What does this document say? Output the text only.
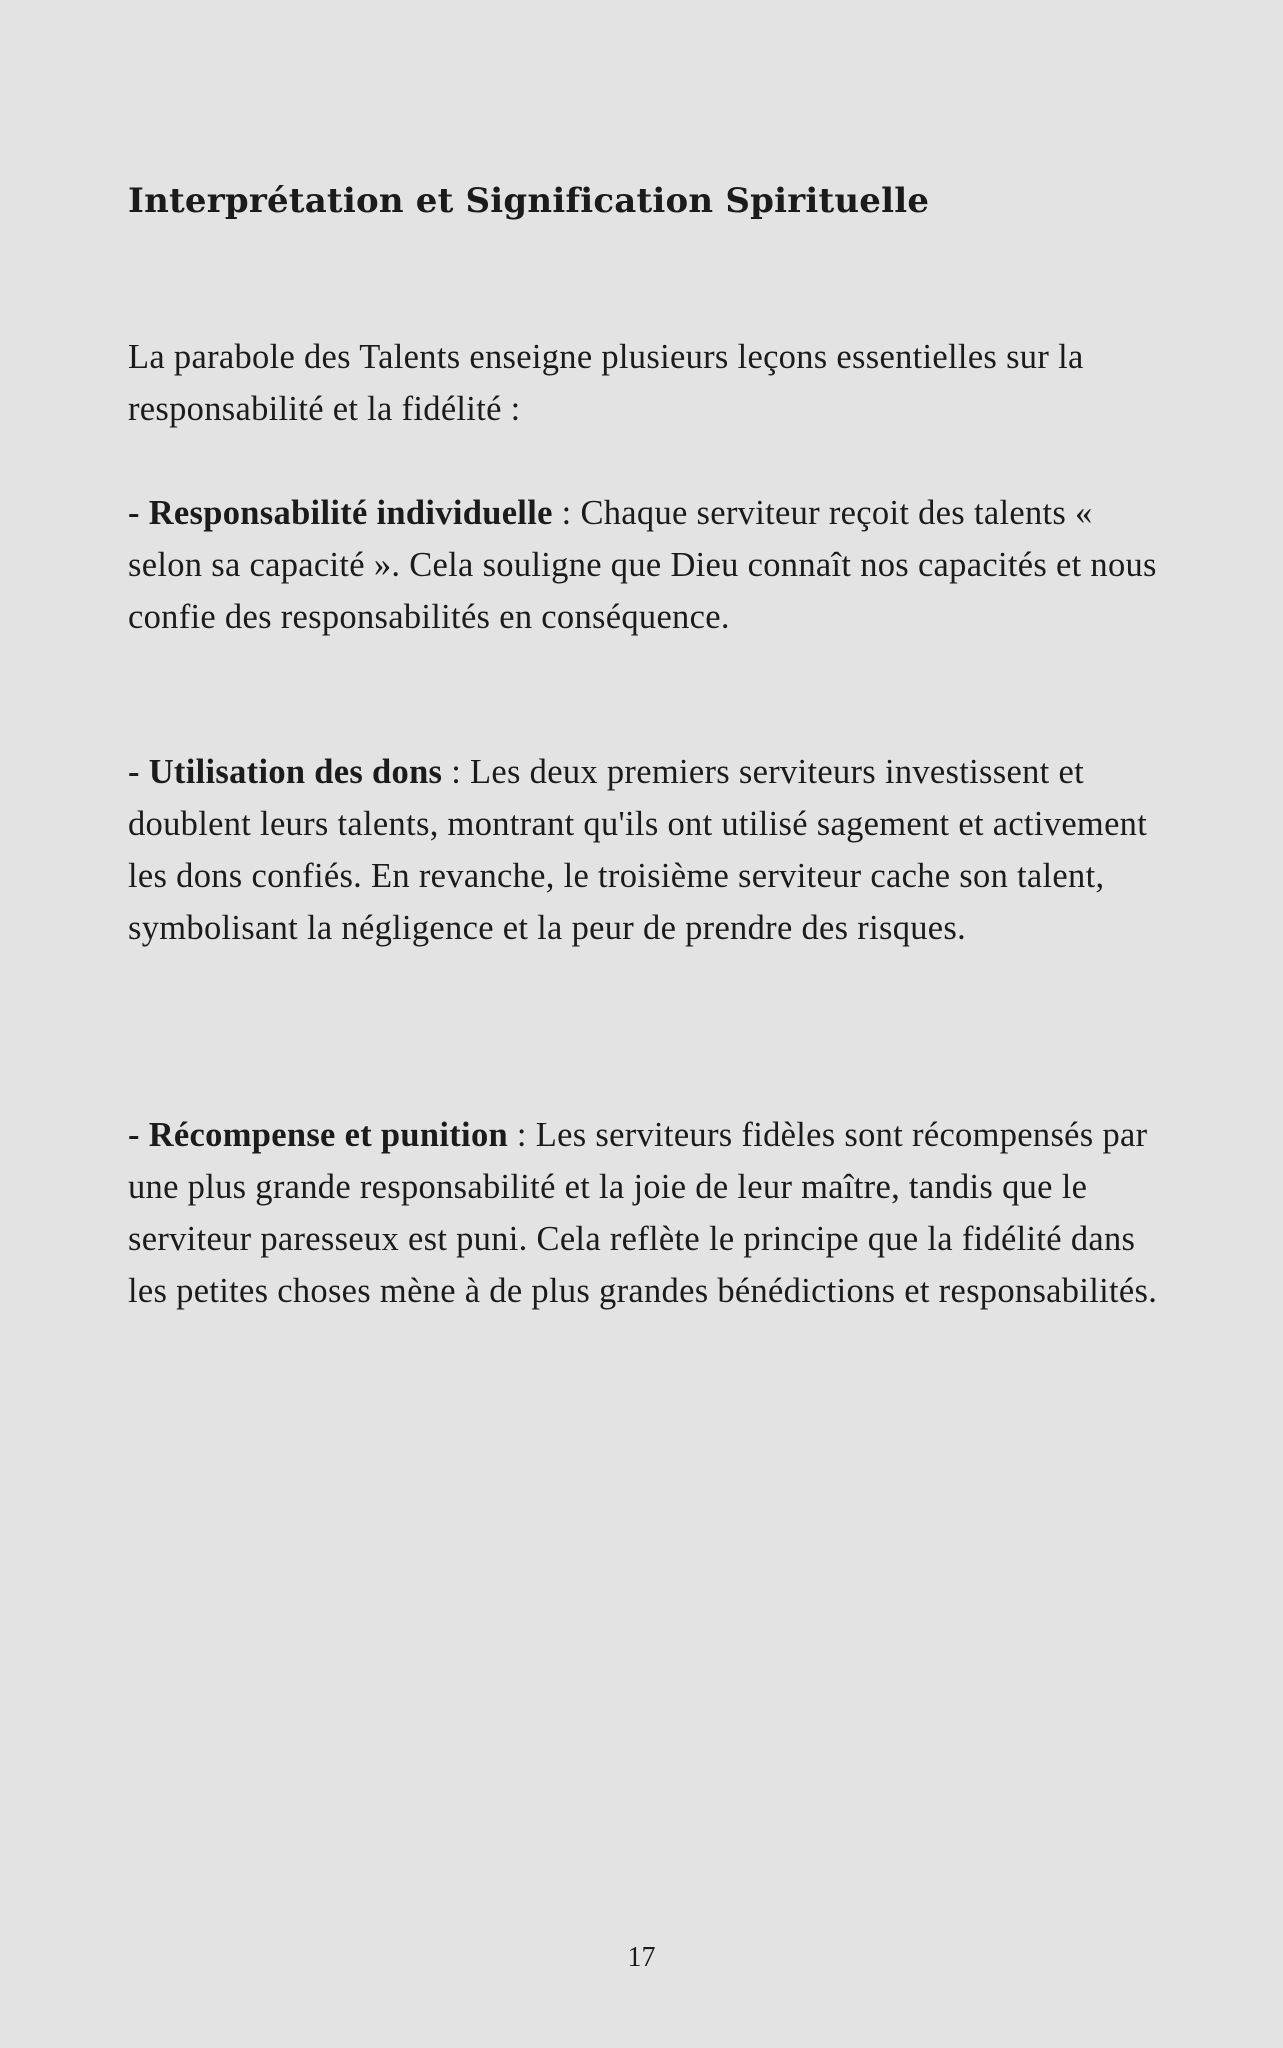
Interprétation et Signification Spirituelle

La parabole des Talents enseigne plusieurs leçons essentielles sur la responsabilité et la fidélité :

- Responsabilité individuelle : Chaque serviteur reçoit des talents « selon sa capacité ». Cela souligne que Dieu connaît nos capacités et nous confie des responsabilités en conséquence.

- Utilisation des dons : Les deux premiers serviteurs investissent et doublent leurs talents, montrant qu'ils ont utilisé sagement et activement les dons confiés. En revanche, le troisième serviteur cache son talent, symbolisant la négligence et la peur de prendre des risques.

- Récompense et punition : Les serviteurs fidèles sont récompensés par une plus grande responsabilité et la joie de leur maître, tandis que le serviteur paresseux est puni. Cela reflète le principe que la fidélité dans les petites choses mène à de plus grandes bénédictions et responsabilités.

17
